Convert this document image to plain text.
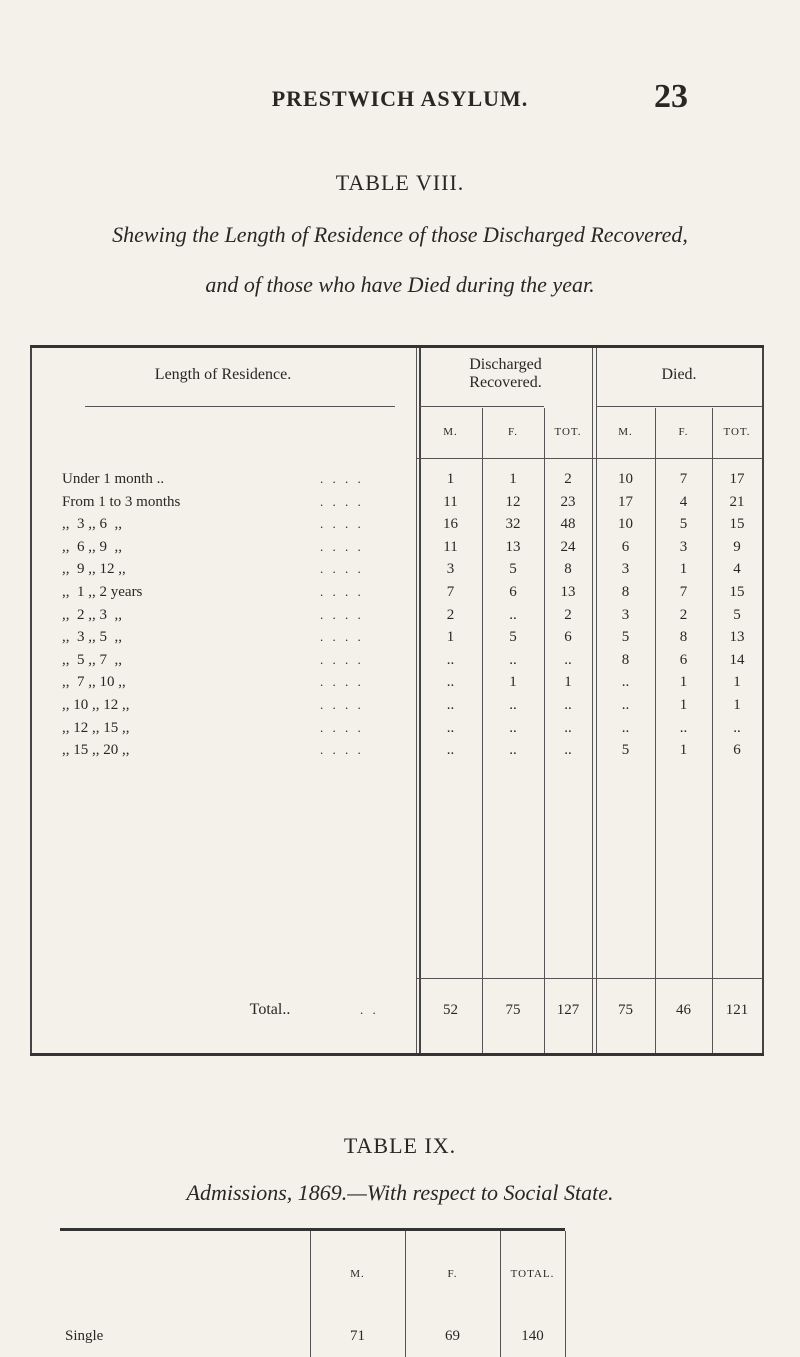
PRESTWICH ASYLUM.	23
TABLE VIII.
Shewing the Length of Residence of those Discharged Recovered,
and of those who have Died during the year.
Length of Residence.
Discharged
Recovered.	Died.
M.	F.	TOT.	M.	F.	TOT.
Under 1 month ..	. . . .	1	1	2	10	7	17
From 1 to 3 months	. . . .	11	12	23	17	4	21
,,  3 ,, 6  ,,	. . . .	16	32	48	10	5	15
,,  6 ,, 9  ,,	. . . .	11	13	24	6	3	9
,,  9 ,, 12 ,,	. . . .	3	5	8	3	1	4
,,  1 ,, 2 years	. . . .	7	6	13	8	7	15
,,  2 ,, 3  ,,	. . . .	2	..	2	3	2	5
,,  3 ,, 5  ,,	. . . .	1	5	6	5	8	13
,,  5 ,, 7  ,,	. . . .	..	..	..	8	6	14
,,  7 ,, 10 ,,	. . . .	..	1	1	..	1	1
,, 10 ,, 12 ,,	. . . .	..	..	..	..	1	1
,, 12 ,, 15 ,,	. . . .	..	..	..	..	..	..
,, 15 ,, 20 ,,	. . . .	..	..	..	5	1	6
Total..	. .	52	75	127	75	46	121
TABLE IX.
Admissions, 1869.—With respect to Social State.
M.	F.	TOTAL.
Single	71	69	140
